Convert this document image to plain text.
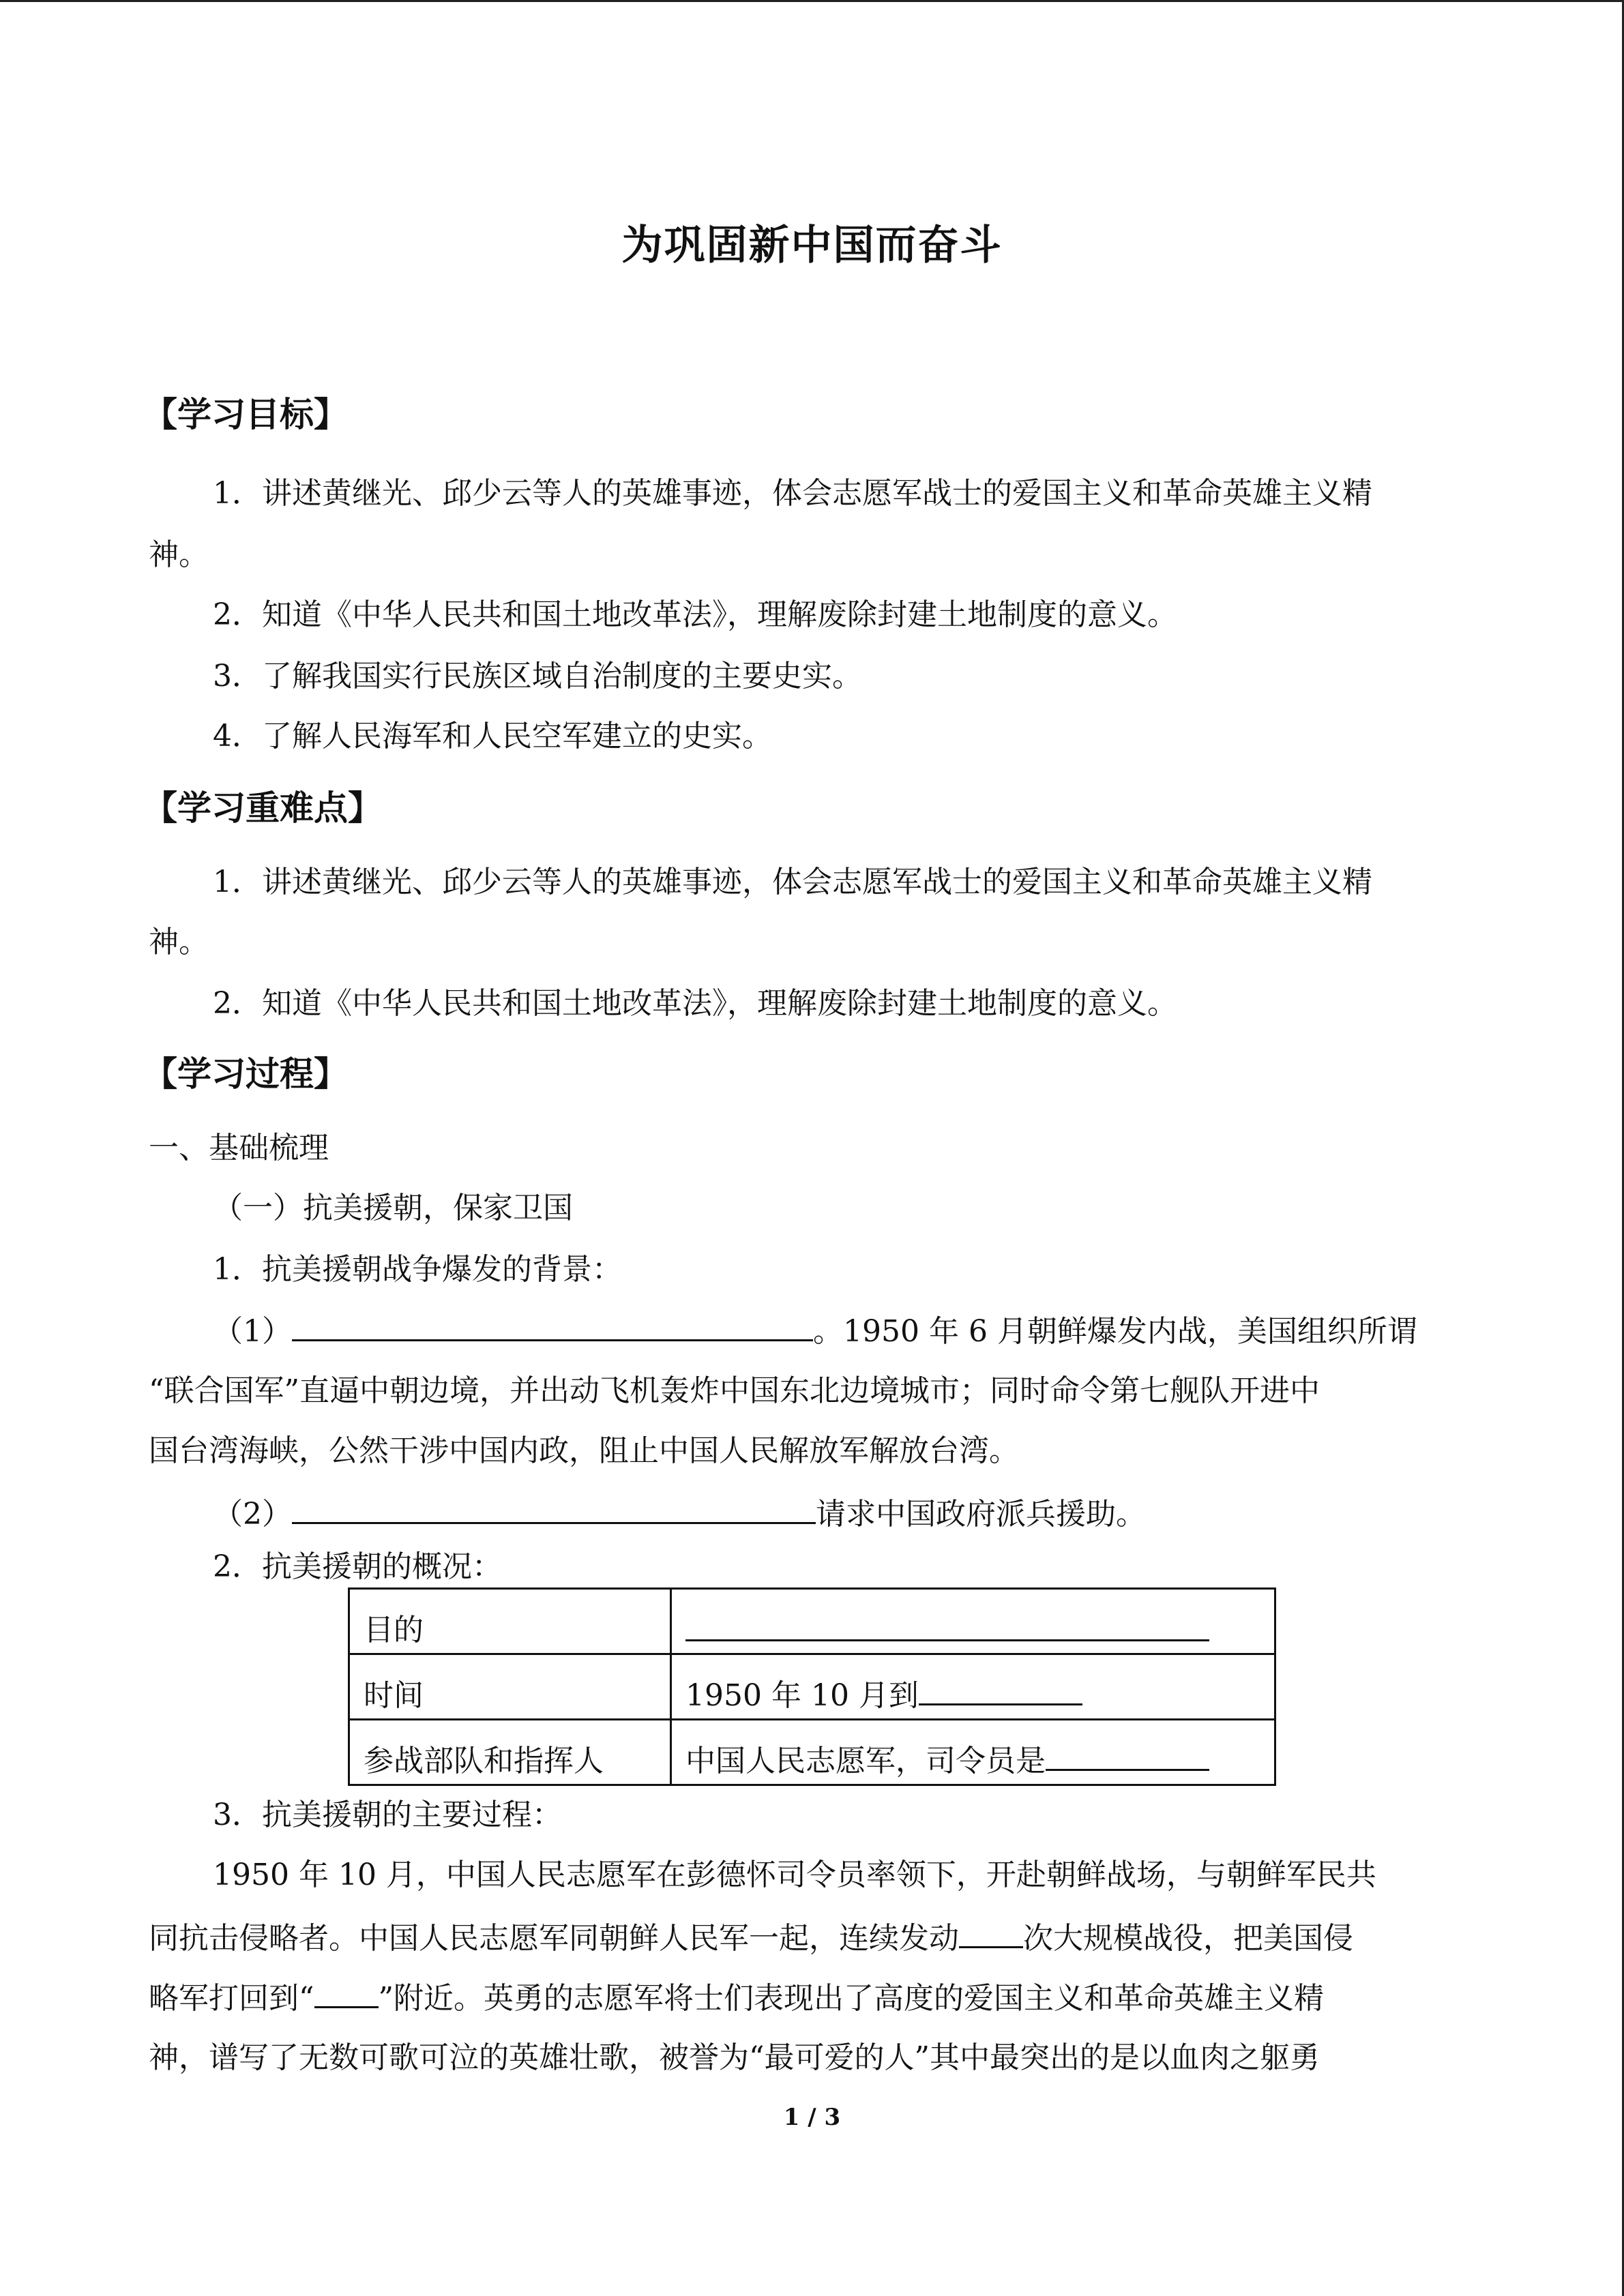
为巩固新中国而奋斗
【学习目标】
1．讲述黄继光、邱少云等人的英雄事迹，体会志愿军战士的爱国主义和革命英雄主义精
神。
2．知道《中华人民共和国土地改革法》，理解废除封建土地制度的意义。
3．了解我国实行民族区域自治制度的主要史实。
4．了解人民海军和人民空军建立的史实。
【学习重难点】
1．讲述黄继光、邱少云等人的英雄事迹，体会志愿军战士的爱国主义和革命英雄主义精
神。
2．知道《中华人民共和国土地改革法》，理解废除封建土地制度的意义。
【学习过程】
一、基础梳理
（一）抗美援朝，保家卫国
1．抗美援朝战争爆发的背景：
（1）	。1950 年 6 月朝鲜爆发内战，美国组织所谓
“联合国军”直逼中朝边境，并出动飞机轰炸中国东北边境城市；同时命令第七舰队开进中
国台湾海峡，公然干涉中国内政，阻止中国人民解放军解放台湾。
（2）	请求中国政府派兵援助。
2．抗美援朝的概况：
目的	
时间	1950 年 10 月到
参战部队和指挥人	中国人民志愿军，司令员是
3．抗美援朝的主要过程：
1950 年 10 月，中国人民志愿军在彭德怀司令员率领下，开赴朝鲜战场，与朝鲜军民共
同抗击侵略者。中国人民志愿军同朝鲜人民军一起，连续发动 次大规模战役，把美国侵
略军打回到“ ”附近。英勇的志愿军将士们表现出了高度的爱国主义和革命英雄主义精
神，谱写了无数可歌可泣的英雄壮歌，被誉为“最可爱的人”其中最突出的是以血肉之躯勇
1 / 3
